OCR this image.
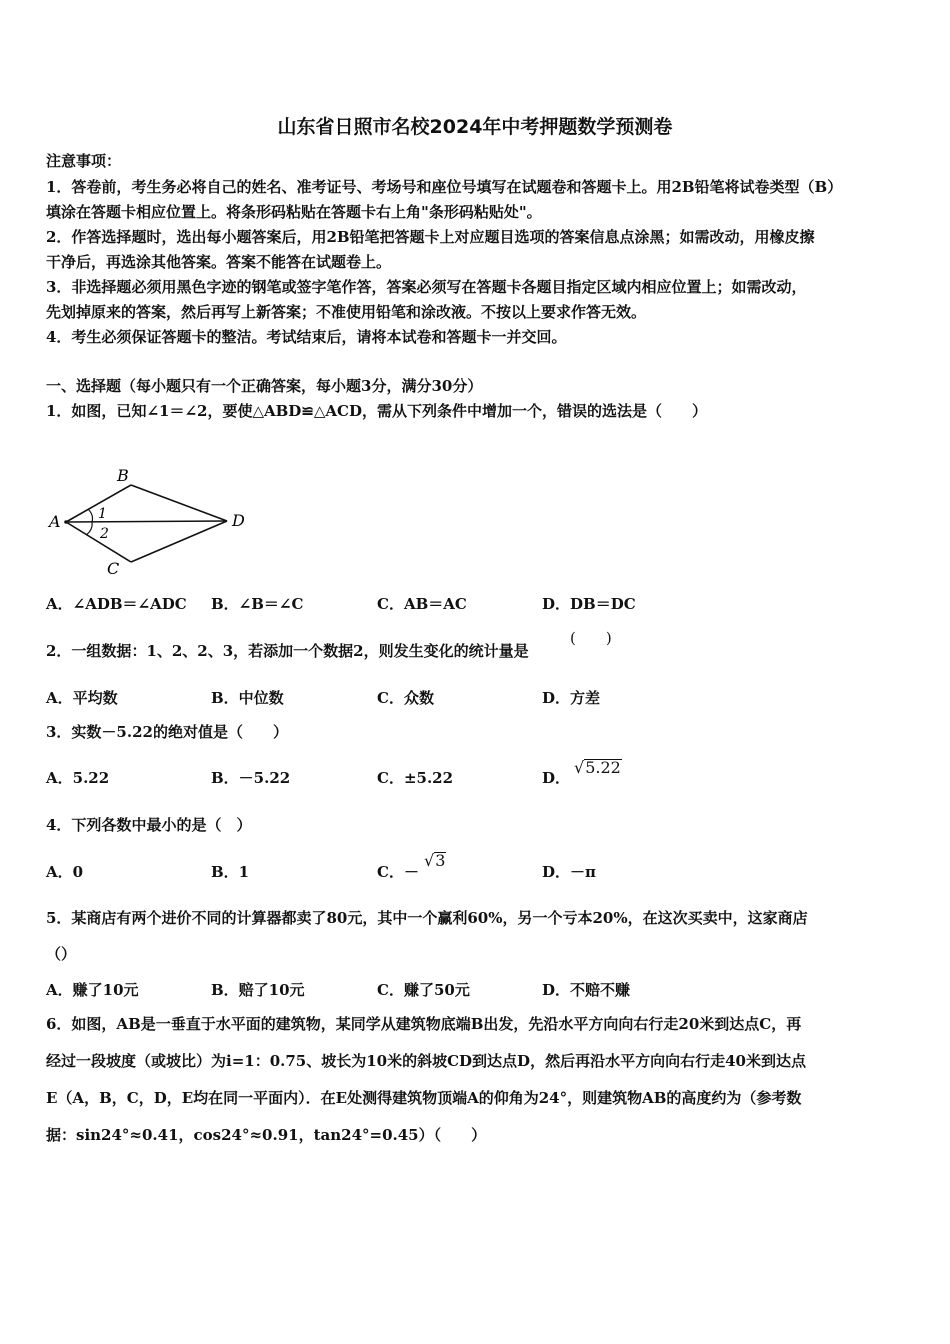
山东省日照市名校2024年中考押题数学预测卷
注意事项：
1．答卷前，考生务必将自己的姓名、准考证号、考场号和座位号填写在试题卷和答题卡上。用2B铅笔将试卷类型（B）
填涂在答题卡相应位置上。将条形码粘贴在答题卡右上角"条形码粘贴处"。
2．作答选择题时，选出每小题答案后，用2B铅笔把答题卡上对应题目选项的答案信息点涂黑；如需改动，用橡皮擦
干净后，再选涂其他答案。答案不能答在试题卷上。
3．非选择题必须用黑色字迹的钢笔或签字笔作答，答案必须写在答题卡各题目指定区域内相应位置上；如需改动，
先划掉原来的答案，然后再写上新答案；不准使用铅笔和涂改液。不按以上要求作答无效。
4．考生必须保证答题卡的整洁。考试结束后，请将本试卷和答题卡一并交回。
一、选择题（每小题只有一个正确答案，每小题3分，满分30分）
1．如图，已知∠1＝∠2，要使△ABD≌△ACD，需从下列条件中增加一个，错误的选法是（　　）
A
B
C
D
1
2
A．∠ADB＝∠ADC B．∠B＝∠C	C．AB＝AC	D．DB＝DC
2．一组数据：1、2、2、3，若添加一个数据2，则发生变化的统计量是
(　　)
A．平均数	B．中位数	C．众数	D．方差
3．实数－5.22的绝对值是（　　）
A．5.22	B．－5.22	C．±5.22	D．
√5.22
4．下列各数中最小的是（　）
A．0	B．1	C．－
√3
D．－π
5．某商店有两个进价不同的计算器都卖了80元，其中一个赢利60%，另一个亏本20%，在这次买卖中，这家商店
（）
A．赚了10元	B．赔了10元	C．赚了50元	D．不赔不赚
6．如图，AB是一垂直于水平面的建筑物，某同学从建筑物底端B出发，先沿水平方向向右行走20米到达点C，再
经过一段坡度（或坡比）为i=1：0.75、坡长为10米的斜坡CD到达点D，然后再沿水平方向向右行走40米到达点
E（A，B，C，D，E均在同一平面内）．在E处测得建筑物顶端A的仰角为24°，则建筑物AB的高度约为（参考数
据：sin24°≈0.41，cos24°≈0.91，tan24°=0.45）（　　）
